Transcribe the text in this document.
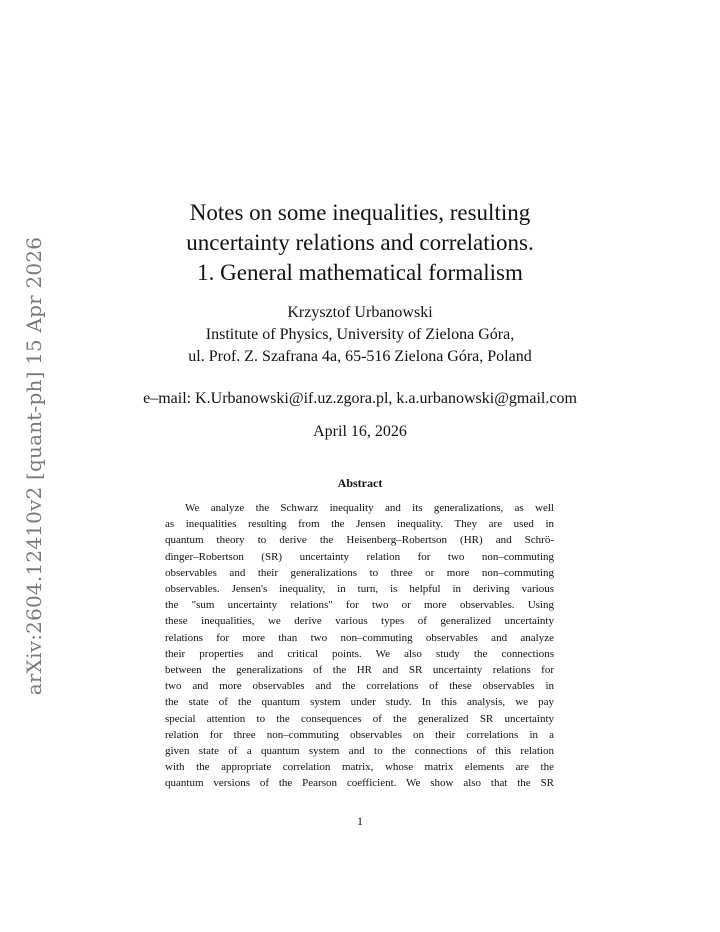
arXiv:2604.12410v2 [quant-ph] 15 Apr 2026
Notes on some inequalities, resulting
uncertainty relations and correlations.
1. General mathematical formalism
Krzysztof Urbanowski
Institute of Physics, University of Zielona Góra,
ul. Prof. Z. Szafrana 4a, 65-516 Zielona Góra, Poland
e–mail: K.Urbanowski@if.uz.zgora.pl, k.a.urbanowski@gmail.com
April 16, 2026
Abstract
We analyze the Schwarz inequality and its generalizations, as well
as inequalities resulting from the Jensen inequality. They are used in
quantum theory to derive the Heisenberg–Robertson (HR) and Schrö-
dinger–Robertson (SR) uncertainty relation for two non–commuting
observables and their generalizations to three or more non–commuting
observables. Jensen's inequality, in turn, is helpful in deriving various
the "sum uncertainty relations" for two or more observables. Using
these inequalities, we derive various types of generalized uncertainty
relations for more than two non–commuting observables and analyze
their properties and critical points. We also study the connections
between the generalizations of the HR and SR uncertainty relations for
two and more observables and the correlations of these observables in
the state of the quantum system under study. In this analysis, we pay
special attention to the consequences of the generalized SR uncertainty
relation for three non–commuting observables on their correlations in a
given state of a quantum system and to the connections of this relation
with the appropriate correlation matrix, whose matrix elements are the
quantum versions of the Pearson coefficient. We show also that the SR
1
